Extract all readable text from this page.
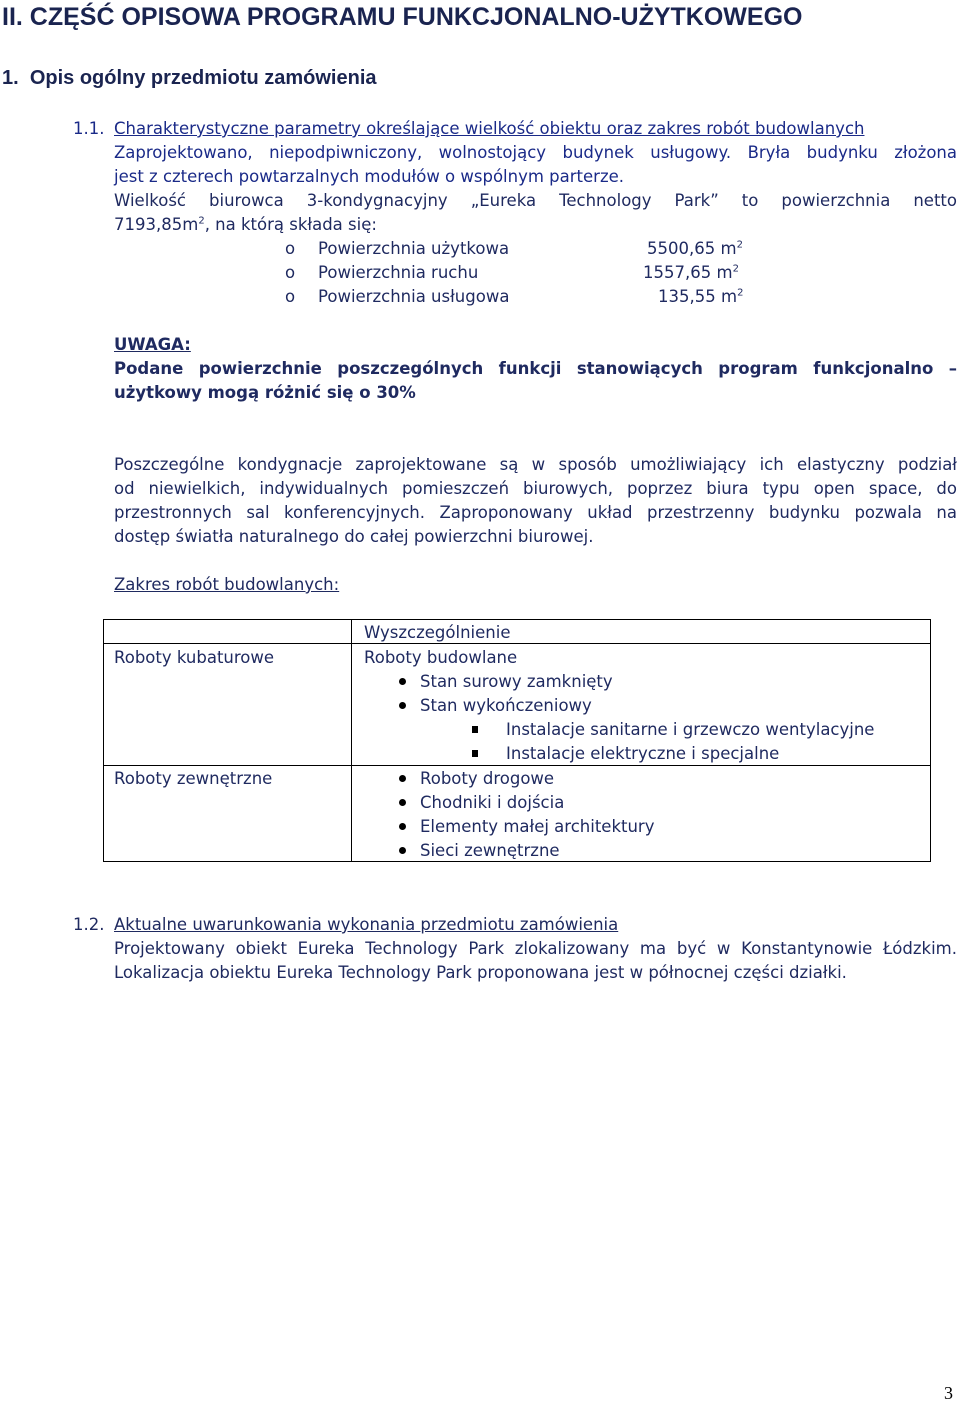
II. CZĘŚĆ OPISOWA PROGRAMU FUNKCJONALNO-UŻYTKOWEGO
1. Opis ogólny przedmiotu zamówienia
1.1. Charakterystyczne parametry określające wielkość obiektu oraz zakres robót budowlanych
Zaprojektowano, niepodpiwniczony, wolnostojący budynek usługowy. Bryła budynku złożona
jest z czterech powtarzalnych modułów o wspólnym parterze.
Wielkość biurowca 3-kondygnacyjny „Eureka Technology Park” to powierzchnia netto
$7193,85m^2$, na którą składa się:
o Powierzchnia użytkowa	5500,65 $m^2$
o Powierzchnia ruchu	1557,65 $m^2$
o Powierzchnia usługowa	135,55 $m^2$
UWAGA:
Podane powierzchnie poszczególnych funkcji stanowiących program funkcjonalno –
użytkowy mogą różnić się o 30%
Poszczególne kondygnacje zaprojektowane są w sposób umożliwiający ich elastyczny podział
od niewielkich, indywidualnych pomieszczeń biurowych, poprzez biura typu open space, do
przestronnych sal konferencyjnych. Zaproponowany układ przestrzenny budynku pozwala na
dostęp światła naturalnego do całej powierzchni biurowej.
Zakres robót budowlanych:

Wyszczególnienie
Roboty kubaturowe	Roboty budowlane
Stan surowy zamknięty
Stan wykończeniowy
Instalacje sanitarne i grzewczo wentylacyjne
Instalacje elektryczne i specjalne
Roboty zewnętrzne	Roboty drogowe
Chodniki i dojścia
Elementy małej architektury
Sieci zewnętrzne
1.2. Aktualne uwarunkowania wykonania przedmiotu zamówienia
Projektowany obiekt Eureka Technology Park zlokalizowany ma być w Konstantynowie Łódzkim.
Lokalizacja obiektu Eureka Technology Park proponowana jest w północnej części działki.
3
